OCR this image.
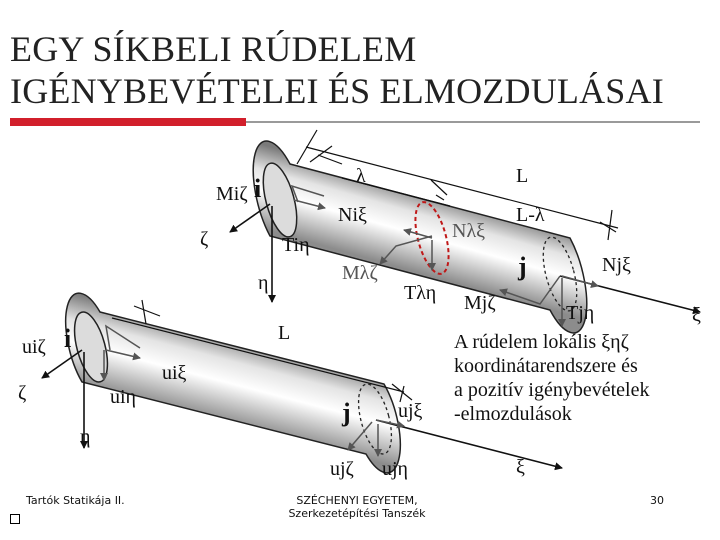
EGY SÍKBELI RÚDELEM
IGÉNYBEVÉTELEI ÉS ELMOZDULÁSAI
λ	L
L-λ
Miζ i
ζ	Tiη
η
Niξ
Mλζ
Nλξ
Tλη
j
Mjζ
Njξ
Tjη	ξ
L
uiζ i
ζ
uiξ
uiη
η
j ujξ
ujζ ujη	ξ
A rúdelem lokális ξηζ
koordinátarendszere és
a pozitív igénybevételek
-elmozdulások
Tartók Statikája II.	SZÉCHENYI EGYETEM,
Szerkezetépítési Tanszék
30
